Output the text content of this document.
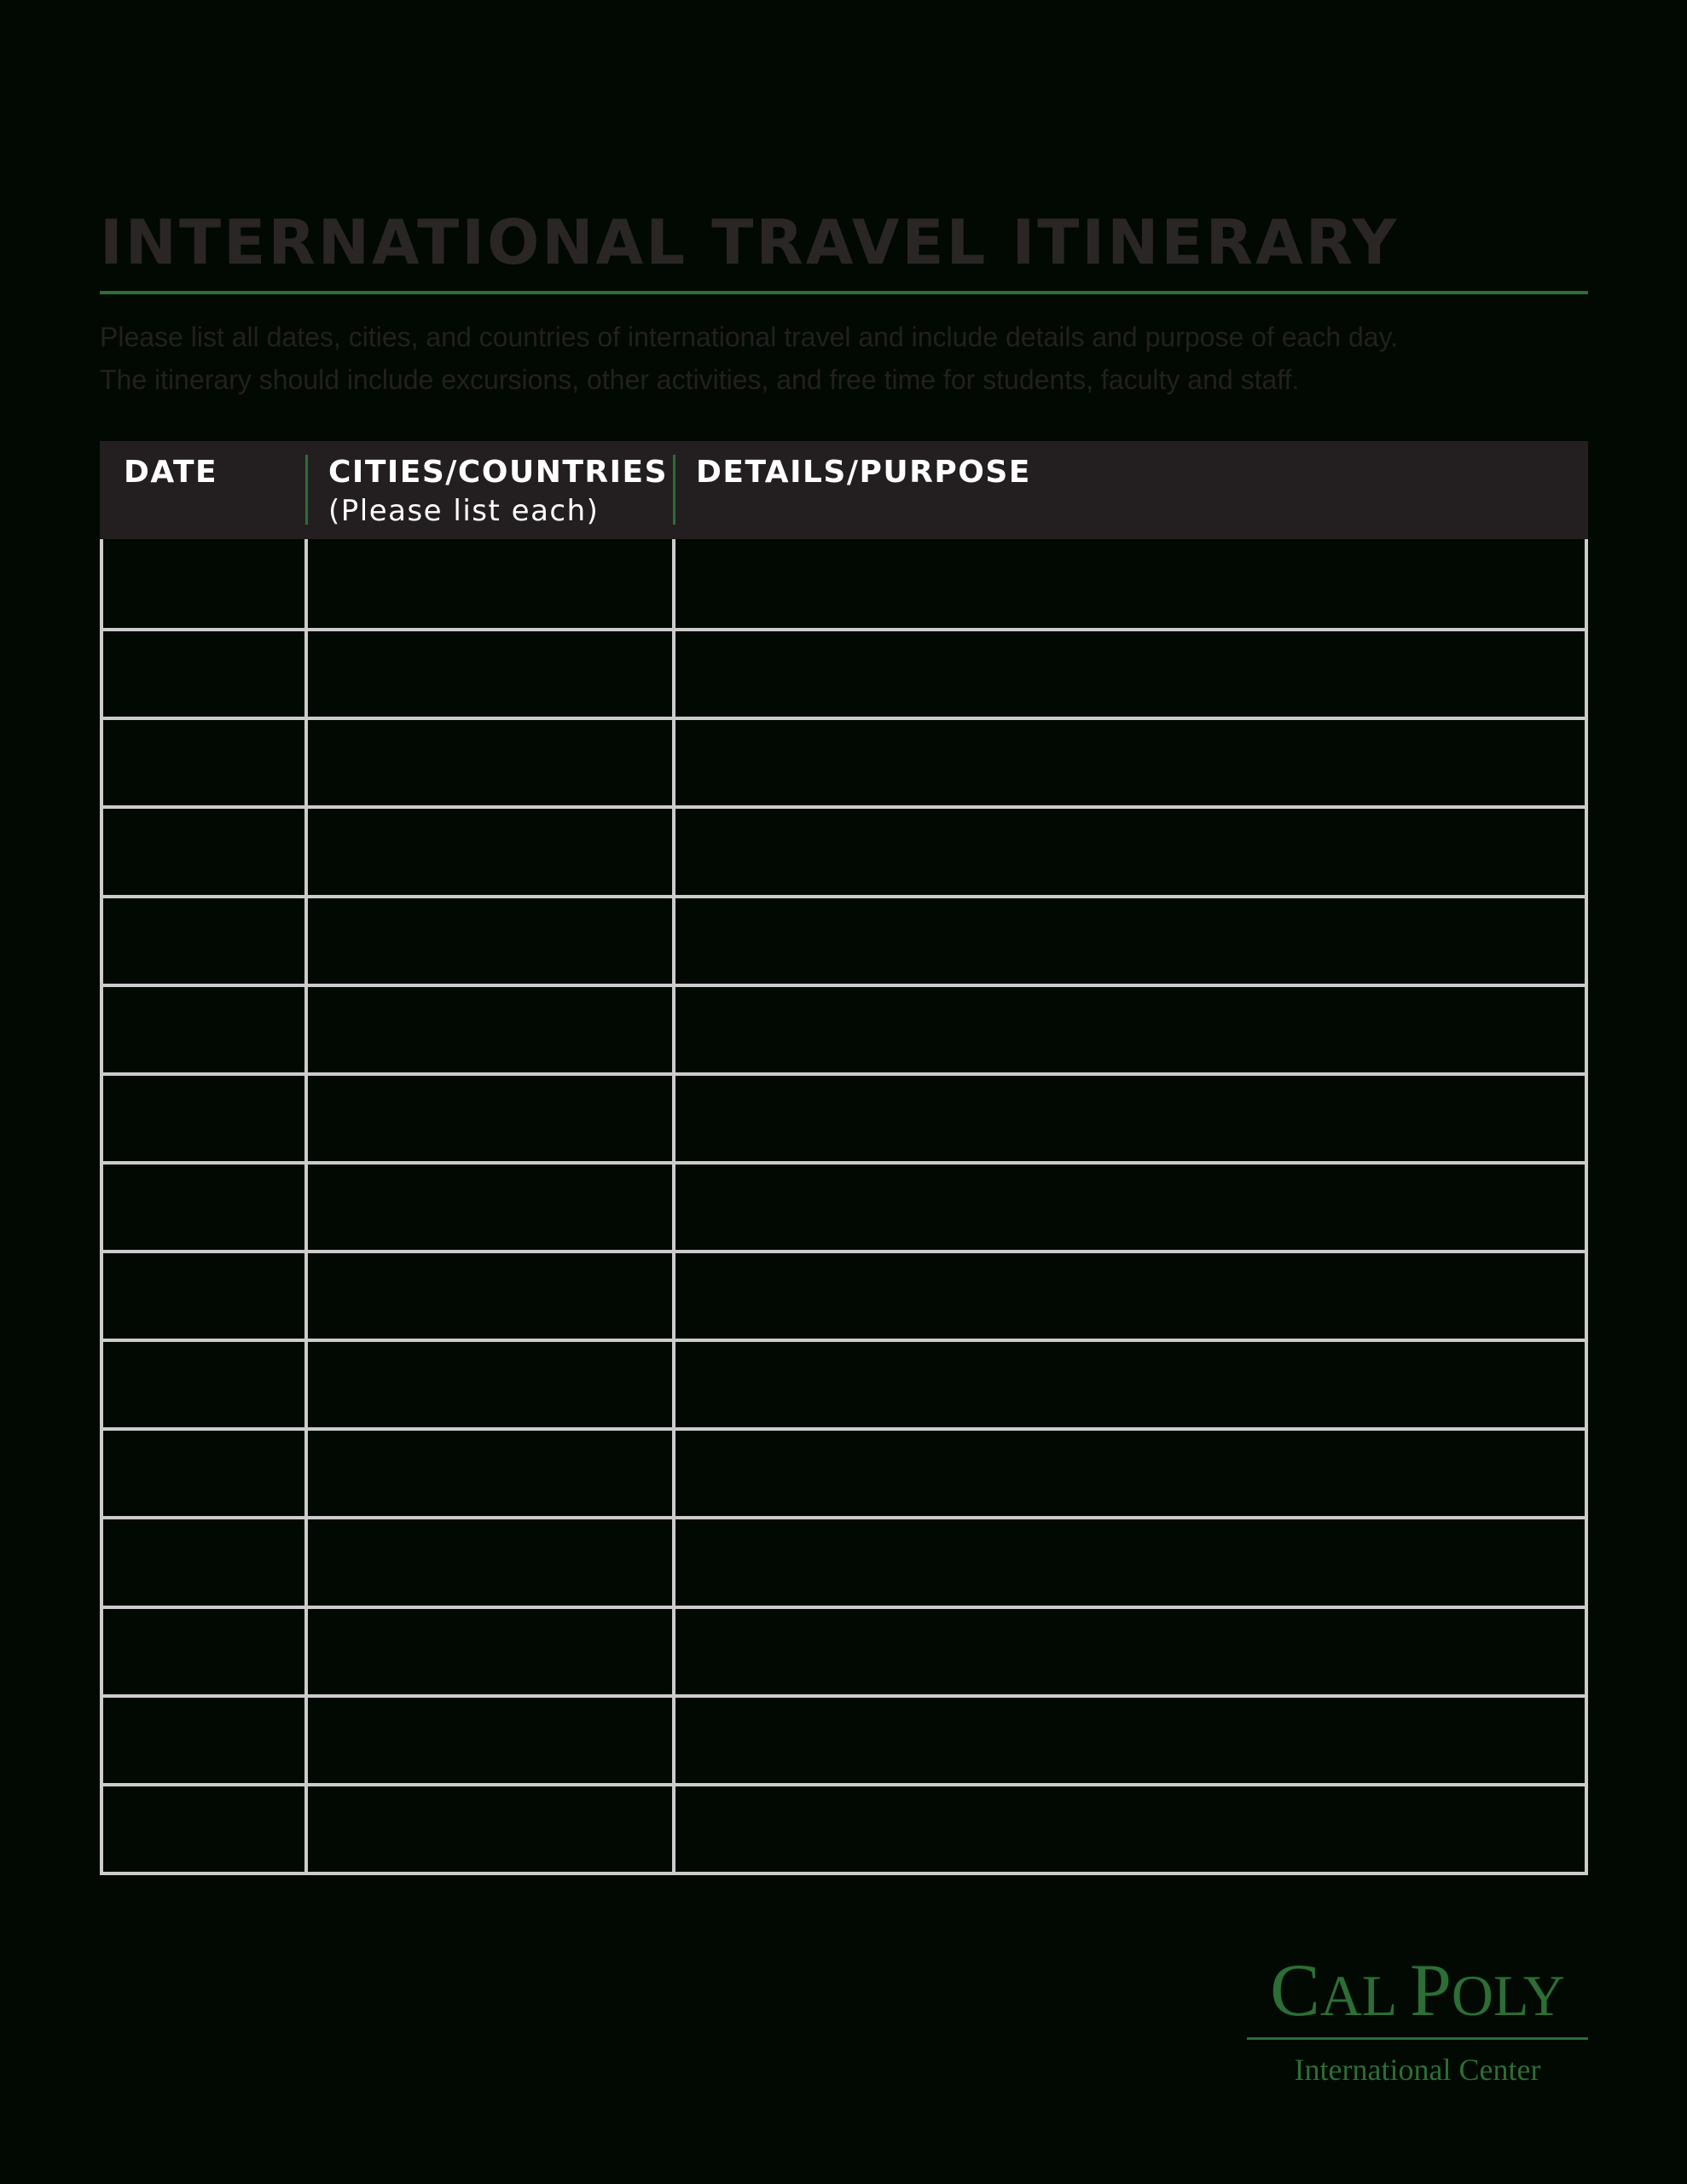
INTERNATIONAL TRAVEL ITINERARY
Please list all dates, cities, and countries of international travel and include details and purpose of each day.
The itinerary should include excursions, other activities, and free time for students, faculty and staff.
DATE	CITIES/COUNTRIES
(Please list each)
DETAILS/PURPOSE
CAL POLY
International Center
